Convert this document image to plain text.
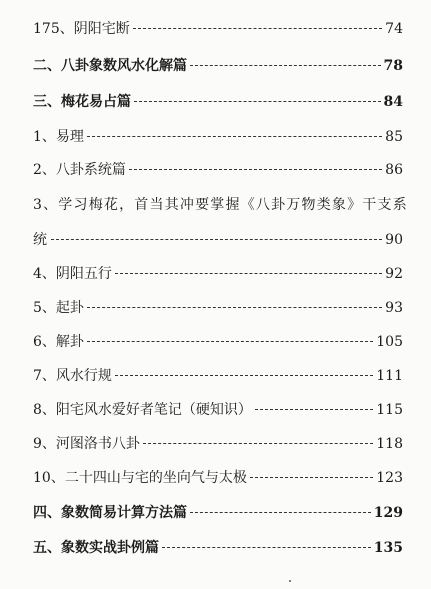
175、阴阳宅断	74
二、八卦象数风水化解篇	78
三、梅花易占篇	84
1、易理	85
2、八卦系统篇	86
3、学习梅花，首当其冲要掌握《八卦万物类象》干支系
统	90
4、阴阳五行	92
5、起卦	93
6、解卦	105
7、风水行规	111
8、阳宅风水爱好者笔记（硬知识）	115
9、河图洛书八卦	118
10、二十四山与宅的坐向气与太极	123
四、象数简易计算方法篇	129
五、象数实战卦例篇	135
